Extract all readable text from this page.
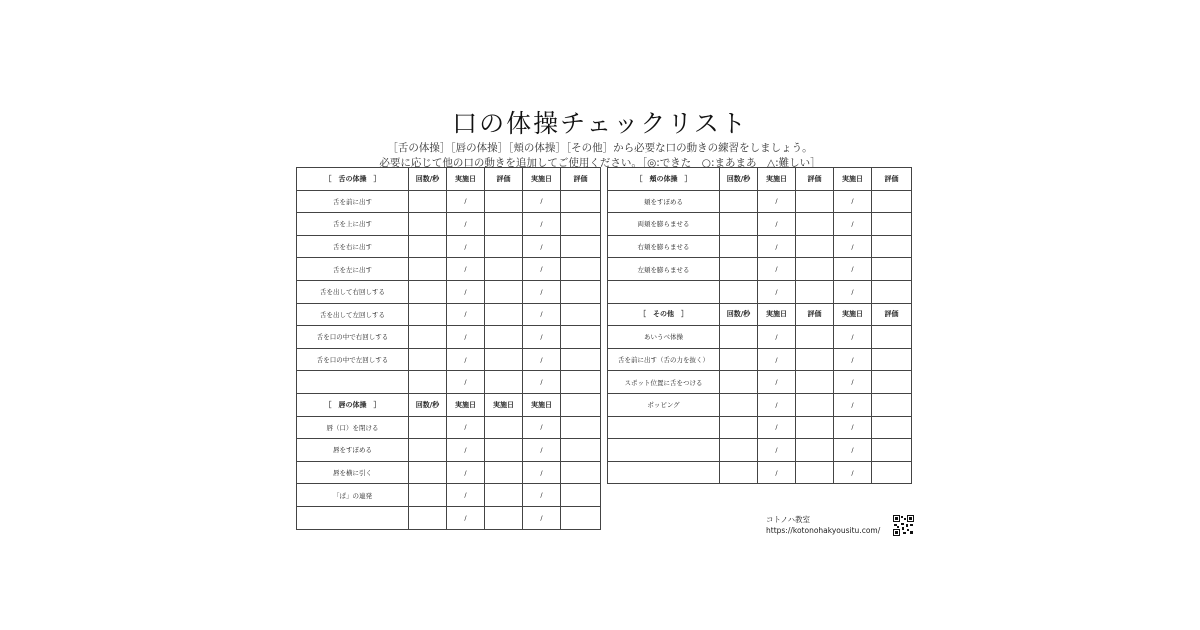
口の体操チェックリスト
［舌の体操］［唇の体操］［頬の体操］［その他］から必要な口の動きの練習をしましょう。
必要に応じて他の口の動きを追加してご使用ください。［◎:できた　○:まあまあ　△:難しい］
［　舌の体操　］	回数/秒	実施日	評価	実施日	評価
舌を前に出す		/		/	
舌を上に出す		/		/	
舌を右に出す		/		/	
舌を左に出す		/		/	
舌を出して右回しする		/		/	
舌を出して左回しする		/		/	
舌を口の中で右回しする		/		/	
舌を口の中で左回しする		/		/	
		/		/	
［　唇の体操　］	回数/秒	実施日	実施日	実施日	
唇（口）を閉ける		/		/	
唇をすぼめる		/		/	
唇を横に引く		/		/	
「ぱ」の連発		/		/	
		/		/	
［　頬の体操　］	回数/秒	実施日	評価	実施日	評価
頬をすぼめる		/		/	
両頬を膨らませる		/		/	
右頬を膨らませる		/		/	
左頬を膨らませる		/		/	
		/		/	
［　その他　］	回数/秒	実施日	評価	実施日	評価
あいうべ体操		/		/	
舌を前に出す（舌の力を抜く）		/		/	
スポット位置に舌をつける		/		/	
ポッピング		/		/	
		/		/	
		/		/	
		/		/	
コトノハ教室
https://kotonohakyousitu.com/
